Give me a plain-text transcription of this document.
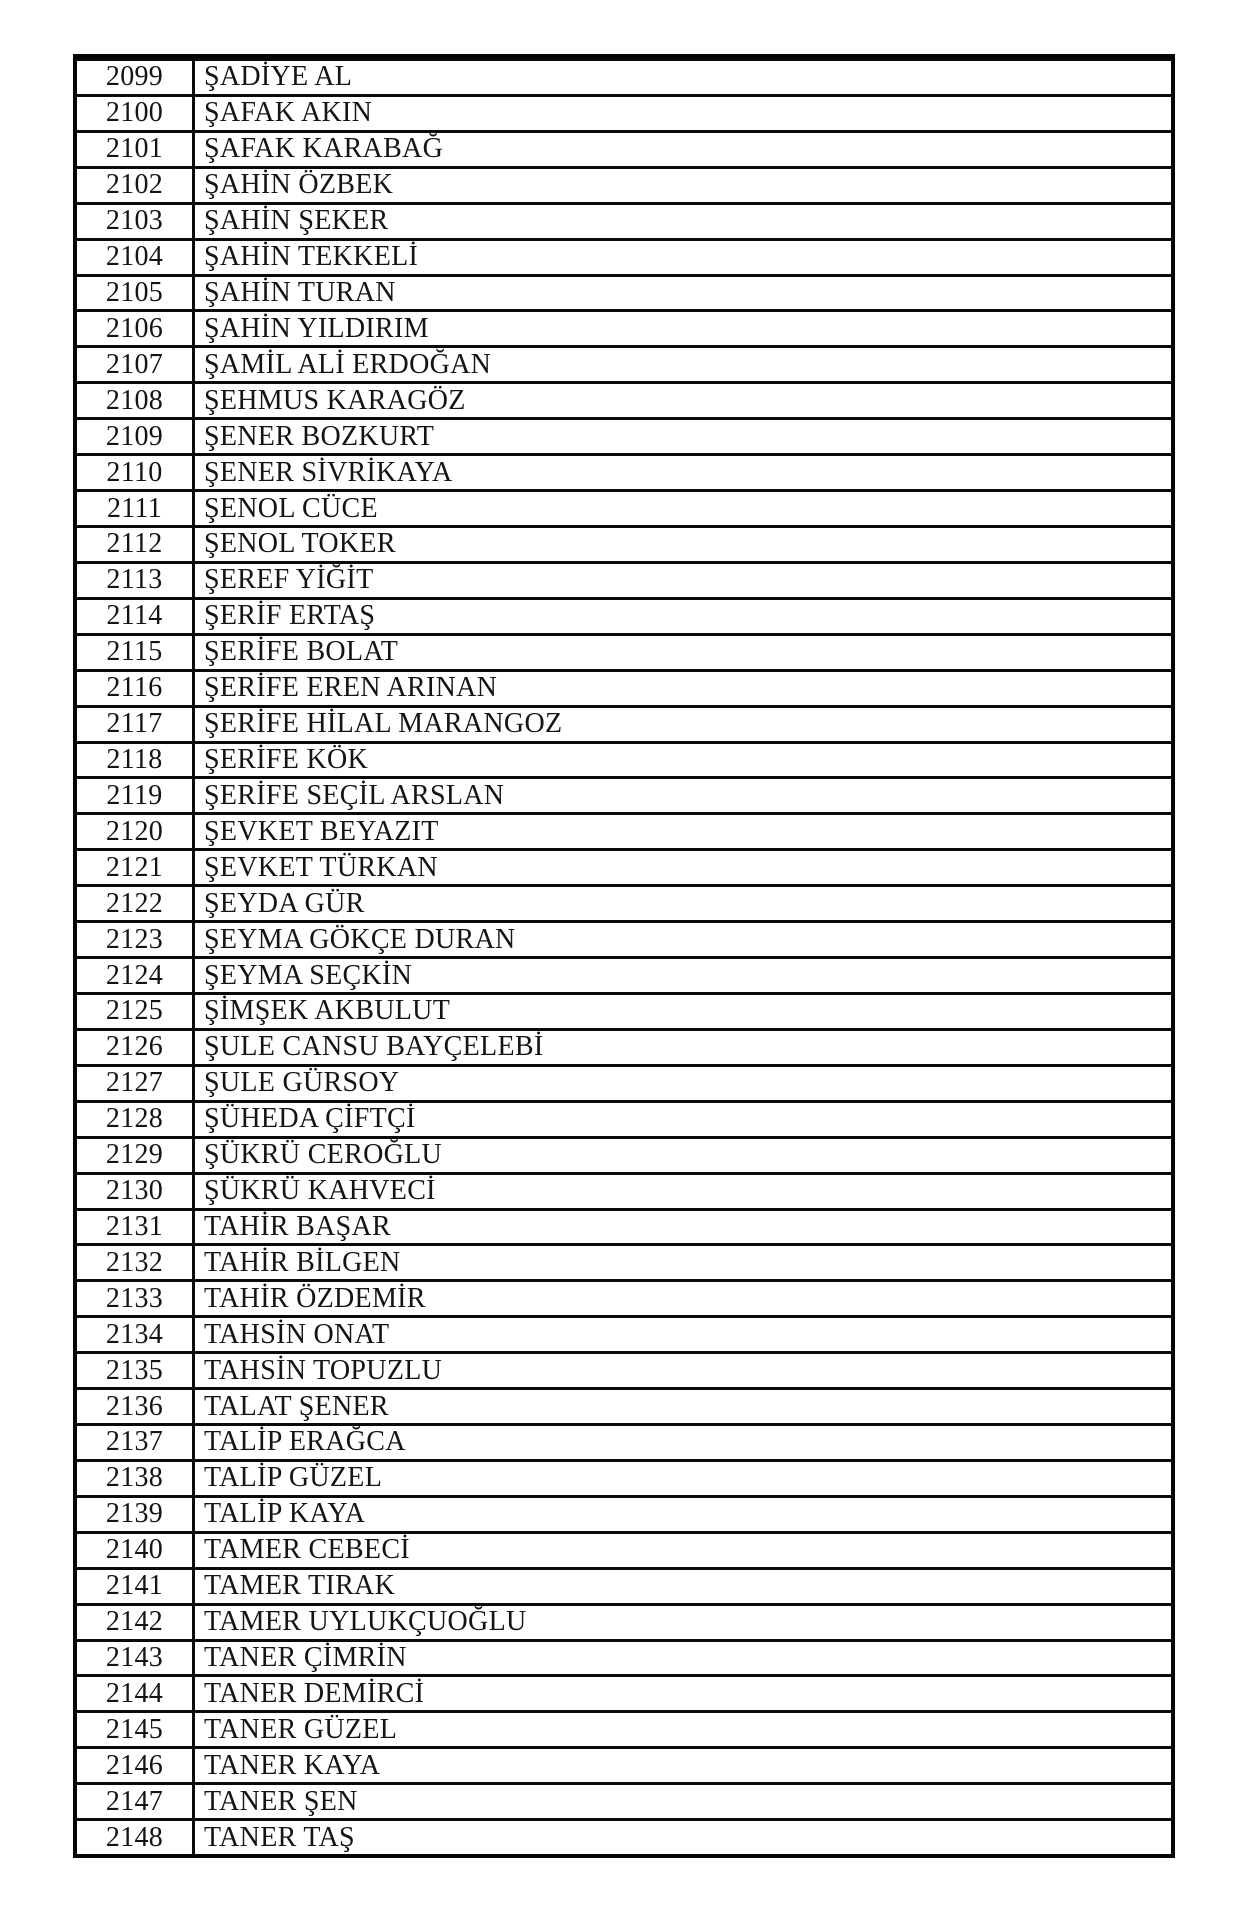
2099	ŞADİYE AL
2100	ŞAFAK AKIN
2101	ŞAFAK KARABAĞ
2102	ŞAHİN ÖZBEK
2103	ŞAHİN ŞEKER
2104	ŞAHİN TEKKELİ
2105	ŞAHİN TURAN
2106	ŞAHİN YILDIRIM
2107	ŞAMİL ALİ ERDOĞAN
2108	ŞEHMUS KARAGÖZ
2109	ŞENER BOZKURT
2110	ŞENER SİVRİKAYA
2111	ŞENOL CÜCE
2112	ŞENOL TOKER
2113	ŞEREF YİĞİT
2114	ŞERİF ERTAŞ
2115	ŞERİFE BOLAT
2116	ŞERİFE EREN ARINAN
2117	ŞERİFE HİLAL MARANGOZ
2118	ŞERİFE KÖK
2119	ŞERİFE SEÇİL ARSLAN
2120	ŞEVKET BEYAZIT
2121	ŞEVKET TÜRKAN
2122	ŞEYDA GÜR
2123	ŞEYMA GÖKÇE DURAN
2124	ŞEYMA SEÇKİN
2125	ŞİMŞEK AKBULUT
2126	ŞULE CANSU BAYÇELEBİ
2127	ŞULE GÜRSOY
2128	ŞÜHEDA ÇİFTÇİ
2129	ŞÜKRÜ CEROĞLU
2130	ŞÜKRÜ KAHVECİ
2131	TAHİR BAŞAR
2132	TAHİR BİLGEN
2133	TAHİR ÖZDEMİR
2134	TAHSİN ONAT
2135	TAHSİN TOPUZLU
2136	TALAT ŞENER
2137	TALİP ERAĞCA
2138	TALİP GÜZEL
2139	TALİP KAYA
2140	TAMER CEBECİ
2141	TAMER TIRAK
2142	TAMER UYLUKÇUOĞLU
2143	TANER ÇİMRİN
2144	TANER DEMİRCİ
2145	TANER GÜZEL
2146	TANER KAYA
2147	TANER ŞEN
2148	TANER TAŞ
